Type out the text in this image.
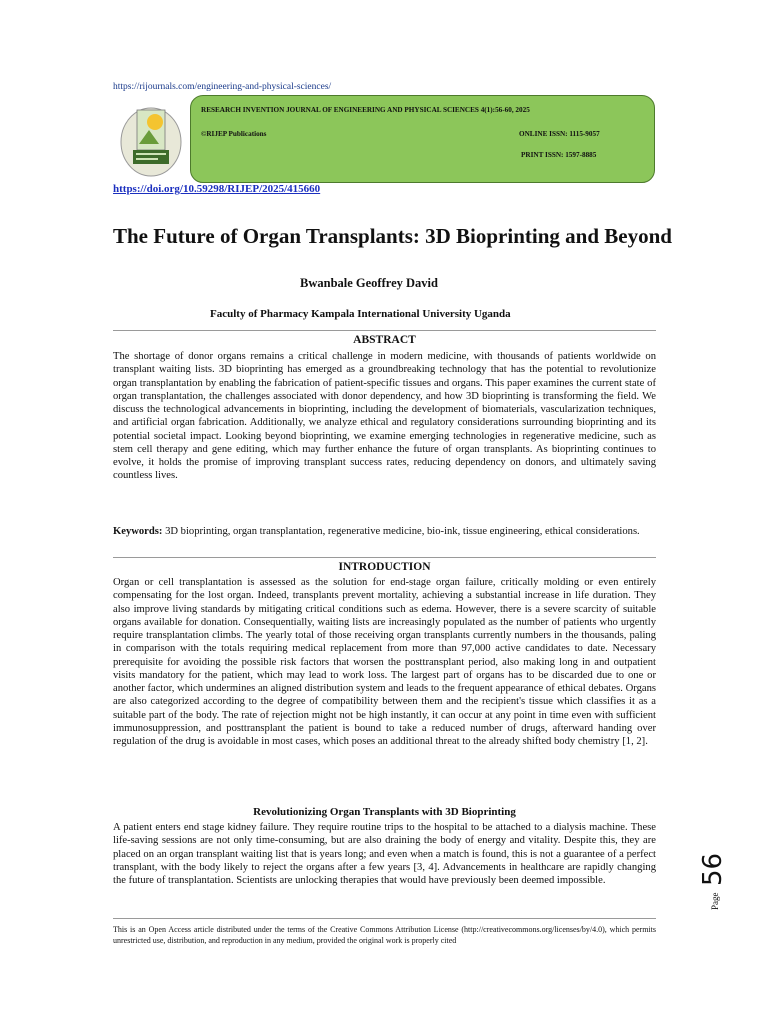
https://rijournals.com/engineering-and-physical-sciences/
RESEARCH INVENTION JOURNAL OF ENGINEERING AND PHYSICAL SCIENCES 4(1):56-60, 2025
©RIJEP Publications	ONLINE ISSN: 1115-9057
PRINT ISSN: 1597-8885
https://doi.org/10.59298/RIJEP/2025/415660
The Future of Organ Transplants: 3D Bioprinting and Beyond
Bwanbale Geoffrey David
Faculty of Pharmacy Kampala International University Uganda
ABSTRACT
The shortage of donor organs remains a critical challenge in modern medicine, with thousands of patients worldwide on transplant waiting lists. 3D bioprinting has emerged as a groundbreaking technology that has the potential to revolutionize organ transplantation by enabling the fabrication of patient-specific tissues and organs. This paper examines the current state of organ transplantation, the challenges associated with donor dependency, and how 3D bioprinting is transforming the field. We discuss the technological advancements in bioprinting, including the development of biomaterials, vascularization techniques, and artificial organ fabrication. Additionally, we analyze ethical and regulatory considerations surrounding bioprinting and its potential societal impact. Looking beyond bioprinting, we examine emerging technologies in regenerative medicine, such as stem cell therapy and gene editing, which may further enhance the future of organ transplants. As bioprinting continues to evolve, it holds the promise of improving transplant success rates, reducing dependency on donors, and ultimately saving countless lives.
Keywords: 3D bioprinting, organ transplantation, regenerative medicine, bio-ink, tissue engineering, ethical considerations.
INTRODUCTION
Organ or cell transplantation is assessed as the solution for end-stage organ failure, critically molding or even entirely compensating for the lost organ. Indeed, transplants prevent mortality, achieving a substantial increase in life duration. They also improve living standards by mitigating critical conditions such as edema. However, there is a severe scarcity of suitable organs available for donation. Consequentially, waiting lists are increasingly populated as the number of patients who urgently require transplantation climbs. The yearly total of those receiving organ transplants currently numbers in the thousands, paling in comparison with the totals requiring medical replacement from more than 97,000 active candidates to date. Necessary prerequisite for avoiding the possible risk factors that worsen the posttransplant period, also making long in and outpatient visits mandatory for the patient, which may lead to work loss. The largest part of organs has to be discarded due to one or another factor, which undermines an aligned distribution system and leads to the frequent appearance of ethical debates. Organs are also categorized according to the degree of compatibility between them and the recipient's tissue which classifies it as a suitable part of the body. The rate of rejection might not be high instantly, it can occur at any point in time even with sufficient immunosuppression, and posttransplant the patient is bound to take a reduced number of drugs, afterward handing over regulation of the drug is avoidable in most cases, which poses an additional threat to the already shifted body chemistry [1, 2].
Revolutionizing Organ Transplants with 3D Bioprinting
A patient enters end stage kidney failure. They require routine trips to the hospital to be attached to a dialysis machine. These life-saving sessions are not only time-consuming, but are also draining the body of energy and vitality. Despite this, they are placed on an organ transplant waiting list that is years long; and even when a match is found, this is not a guarantee of a perfect transplant, with the body likely to reject the organs after a few years [3, 4]. Advancements in healthcare are rapidly changing the future of transplantation. Scientists are unlocking therapies that would have previously been deemed impossible.
This is an Open Access article distributed under the terms of the Creative Commons Attribution License (http://creativecommons.org/licenses/by/4.0), which permits unrestricted use, distribution, and reproduction in any medium, provided the original work is properly cited
Page
56
